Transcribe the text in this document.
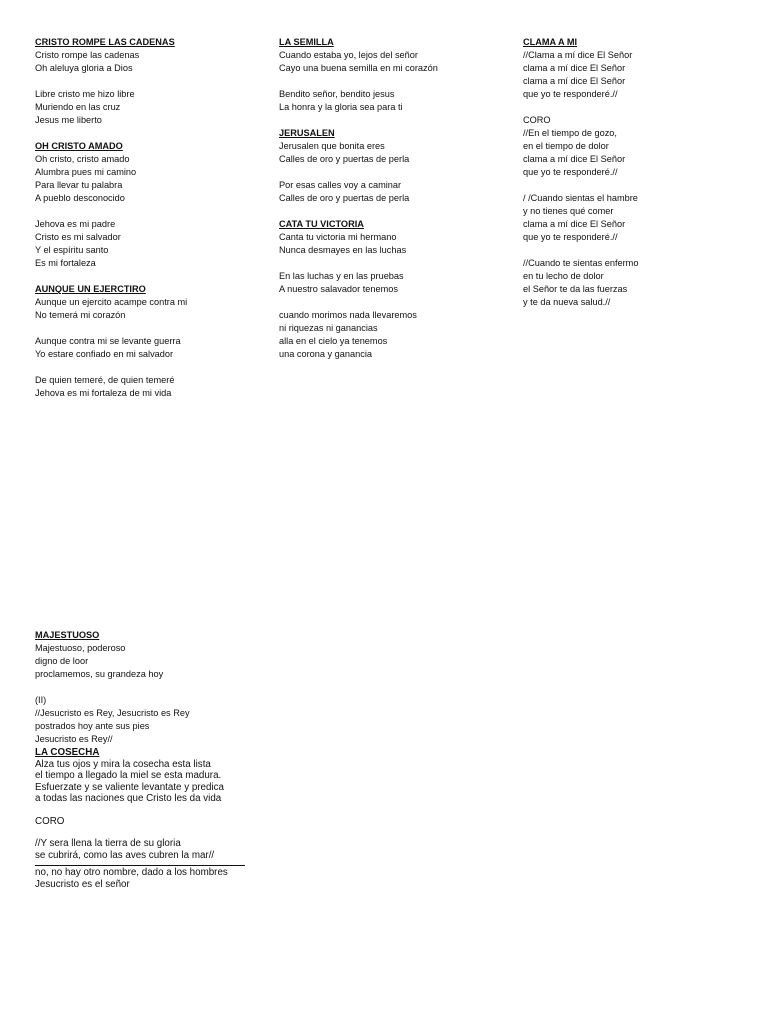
CRISTO ROMPE LAS CADENAS
Cristo rompe las cadenas
Oh aleluya gloria a Dios
Libre cristo me hizo libre
Muriendo en las cruz
Jesus me liberto
OH CRISTO AMADO
Oh cristo, cristo amado
Alumbra pues mi camino
Para llevar tu palabra
A pueblo desconocido
Jehova es mi padre
Cristo es mi salvador
Y el espíritu santo
Es mi fortaleza
AUNQUE UN EJERCTIRO
Aunque un ejercito acampe contra mi
No temerá mi corazón
Aunque contra mi se levante guerra
Yo estare confiado en mi salvador
De quien temeré, de quien temeré
Jehova es mi fortaleza de mi vida
LA SEMILLA
Cuando estaba yo, lejos del señor
Cayo una buena semilla en mi corazón
Bendito señor, bendito jesus
La honra y la gloria sea para ti
JERUSALEN
Jerusalen que bonita eres
Calles de oro y puertas de perla
Por esas calles voy a caminar
Calles de oro y puertas de perla
CATA TU VICTORIA
Canta tu victoria mi hermano
Nunca desmayes en las luchas
En las luchas y en las pruebas
A nuestro salavador tenemos
cuando morimos nada llevaremos
ni riquezas ni ganancias
alla en el cielo ya tenemos
una corona y ganancia
CLAMA A MI
//Clama a mí dice El Señor
clama a mí dice El Señor
clama a mí dice El Señor
que yo te responderé.//
CORO
//En el tiempo de gozo,
en el tiempo de dolor
clama a mí dice El Señor
que yo te responderé.//
/ /Cuando sientas el hambre
y no tienes qué comer
clama a mí dice El Señor
que yo te responderé.//
//Cuando te sientas enfermo
en tu lecho de dolor
el Señor te da las fuerzas
y te da nueva salud.//
MAJESTUOSO
Majestuoso, poderoso
digno de loor
proclamemos, su grandeza hoy
(II)
//Jesucristo es Rey, Jesucristo es Rey
postrados hoy ante sus pies
Jesucristo es Rey//
LA COSECHA
Alza tus ojos y mira la cosecha esta lista
el tiempo a llegado la miel se esta madura.
Esfuerzate y se valiente levantate y predica
a todas las naciones que Cristo les da vida
CORO
//Y sera llena la tierra de su gloria
se cubrirá, como las aves cubren la mar//
no, no hay otro nombre, dado a los hombres
Jesucristo es el señor
